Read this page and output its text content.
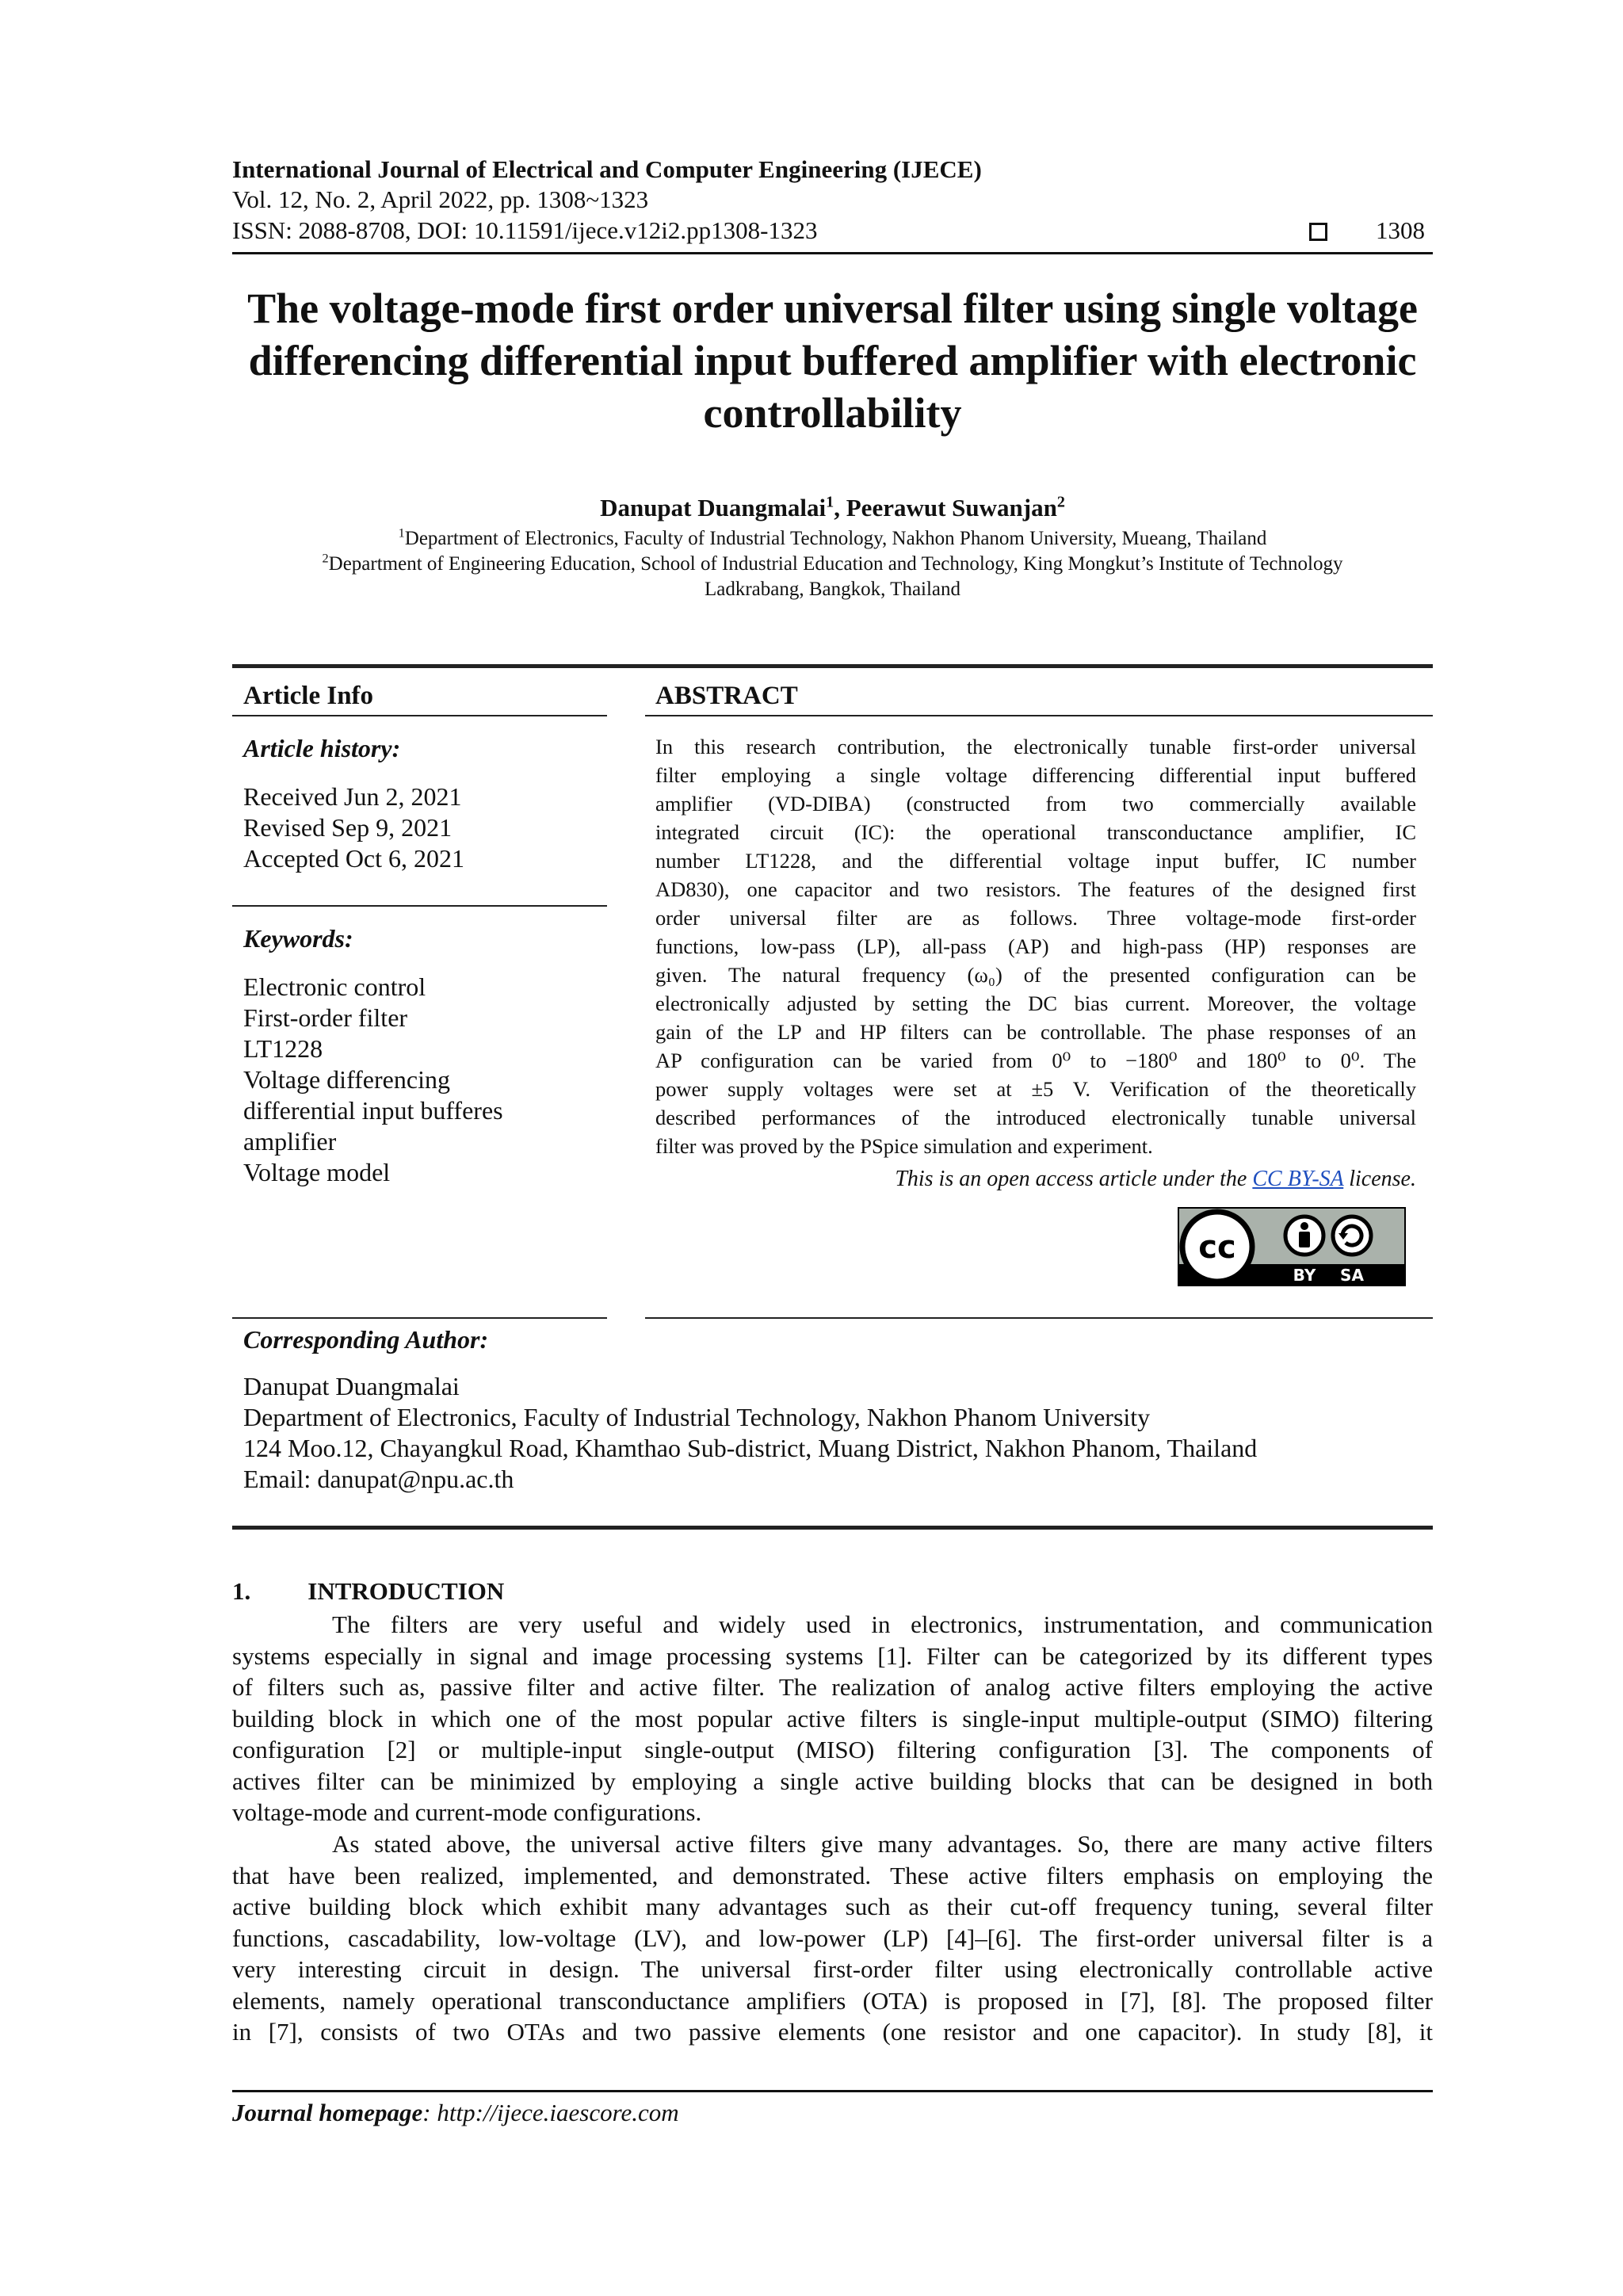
International Journal of Electrical and Computer Engineering (IJECE)
Vol. 12, No. 2, April 2022, pp. 1308~1323
ISSN: 2088-8708, DOI: 10.11591/ijece.v12i2.pp1308-1323	1308
The voltage-mode first order universal filter using single voltage
differencing differential input buffered amplifier with electronic
controllability
Danupat Duangmalai$^1$, Peerawut Suwanjan$^2$
$^1$Department of Electronics, Faculty of Industrial Technology, Nakhon Phanom University, Mueang, Thailand
$^2$Department of Engineering Education, School of Industrial Education and Technology, King Mongkut’s Institute of Technology
Ladkrabang, Bangkok, Thailand
Article Info
Article history:
Received Jun 2, 2021
Revised Sep 9, 2021
Accepted Oct 6, 2021
Keywords:
Electronic control
First-order filter
LT1228
Voltage differencing
differential input bufferes
amplifier
Voltage model
ABSTRACT
In this research contribution, the electronically tunable first-order universal
filter employing a single voltage differencing differential input buffered
amplifier (VD-DIBA) (constructed from two commercially available
integrated circuit (IC): the operational transconductance amplifier, IC
number LT1228, and the differential voltage input buffer, IC number
AD830), one capacitor and two resistors. The features of the designed first
order universal filter are as follows. Three voltage-mode first-order
functions, low-pass (LP), all-pass (AP) and high-pass (HP) responses are
given. The natural frequency (ω₀) of the presented configuration can be
electronically adjusted by setting the DC bias current. Moreover, the voltage
gain of the LP and HP filters can be controllable. The phase responses of an
AP configuration can be varied from 0⁰ to −180⁰ and 180⁰ to 0⁰. The
power supply voltages were set at ±5 V. Verification of the theoretically
described performances of the introduced electronically tunable universal
filter was proved by the PSpice simulation and experiment.
This is an open access article under the CC BY-SA license.
cc
BY SA
Corresponding Author:
Danupat Duangmalai
Department of Electronics, Faculty of Industrial Technology, Nakhon Phanom University
124 Moo.12, Chayangkul Road, Khamthao Sub-district, Muang District, Nakhon Phanom, Thailand
Email: danupat@npu.ac.th
1. INTRODUCTION
The filters are very useful and widely used in electronics, instrumentation, and communication
systems especially in signal and image processing systems [1]. Filter can be categorized by its different types
of filters such as, passive filter and active filter. The realization of analog active filters employing the active
building block in which one of the most popular active filters is single-input multiple-output (SIMO) filtering
configuration [2] or multiple-input single-output (MISO) filtering configuration [3]. The components of
actives filter can be minimized by employing a single active building blocks that can be designed in both
voltage-mode and current-mode configurations.
As stated above, the universal active filters give many advantages. So, there are many active filters
that have been realized, implemented, and demonstrated. These active filters emphasis on employing the
active building block which exhibit many advantages such as their cut-off frequency tuning, several filter
functions, cascadability, low-voltage (LV), and low-power (LP) [4]–[6]. The first-order universal filter is a
very interesting circuit in design. The universal first-order filter using electronically controllable active
elements, namely operational transconductance amplifiers (OTA) is proposed in [7], [8]. The proposed filter
in [7], consists of two OTAs and two passive elements (one resistor and one capacitor). In study [8], it
Journal homepage: http://ijece.iaescore.com
